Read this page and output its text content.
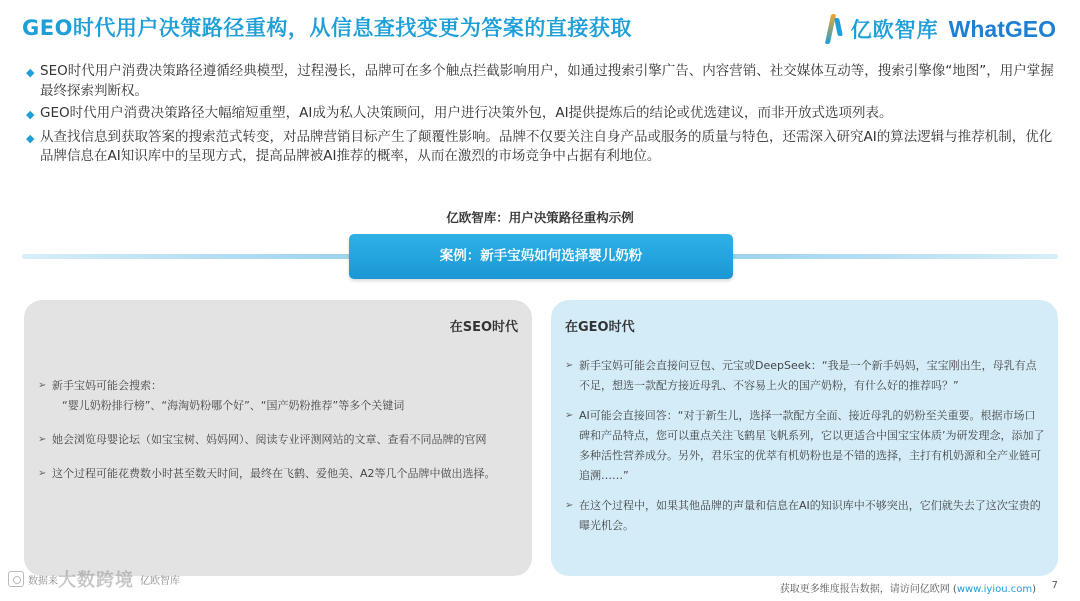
GEO时代用户决策路径重构，从信息查找变更为答案的直接获取	亿欧智库 WhatGEO
◆ SEO时代用户消费决策路径遵循经典模型，过程漫长，品牌可在多个触点拦截影响用户，如通过搜索引擎广告、内容营销、社交媒体互动等，搜索引擎像“地图”，用户掌握最终探索判断权。
◆ GEO时代用户消费决策路径大幅缩短重塑，AI成为私人决策顾问，用户进行决策外包，AI提供提炼后的结论或优选建议，而非开放式选项列表。
◆ 从查找信息到获取答案的搜索范式转变，对品牌营销目标产生了颠覆性影响。品牌不仅要关注自身产品或服务的质量与特色，还需深入研究AI的算法逻辑与推荐机制，优化品牌信息在AI知识库中的呈现方式，提高品牌被AI推荐的概率，从而在激烈的市场竞争中占据有利地位。
亿欧智库：用户决策路径重构示例
案例：新手宝妈如何选择婴儿奶粉
在SEO时代
➢ 新手宝妈可能会搜索：
“婴儿奶粉排行榜”、“海淘奶粉哪个好”、“国产奶粉推荐”等多个关键词
➢ 她会浏览母婴论坛（如宝宝树、妈妈网）、阅读专业评测网站的文章、查看不同品牌的官网
➢ 这个过程可能花费数小时甚至数天时间，最终在飞鹤、爱他美、A2等几个品牌中做出选择。
在GEO时代
➢ 新手宝妈可能会直接问豆包、元宝或DeepSeek：“我是一个新手妈妈，宝宝刚出生，母乳有点不足，想选一款配方接近母乳、不容易上火的国产奶粉，有什么好的推荐吗？”
➢ AI可能会直接回答：“对于新生儿，选择一款配方全面、接近母乳的奶粉至关重要。根据市场口碑和产品特点，您可以重点关注飞鹤星飞帆系列，它以更适合中国宝宝体质’为研发理念，添加了多种活性营养成分。另外，君乐宝的优萃有机奶粉也是不错的选择，主打有机奶源和全产业链可追溯……”
➢ 在这个过程中，如果其他品牌的声量和信息在AI的知识库中不够突出，它们就失去了这次宝贵的曝光机会。
数据来 大数跨境 亿欧智库
获取更多维度报告数据，请访问亿欧网 (www.iyiou.com) 7
